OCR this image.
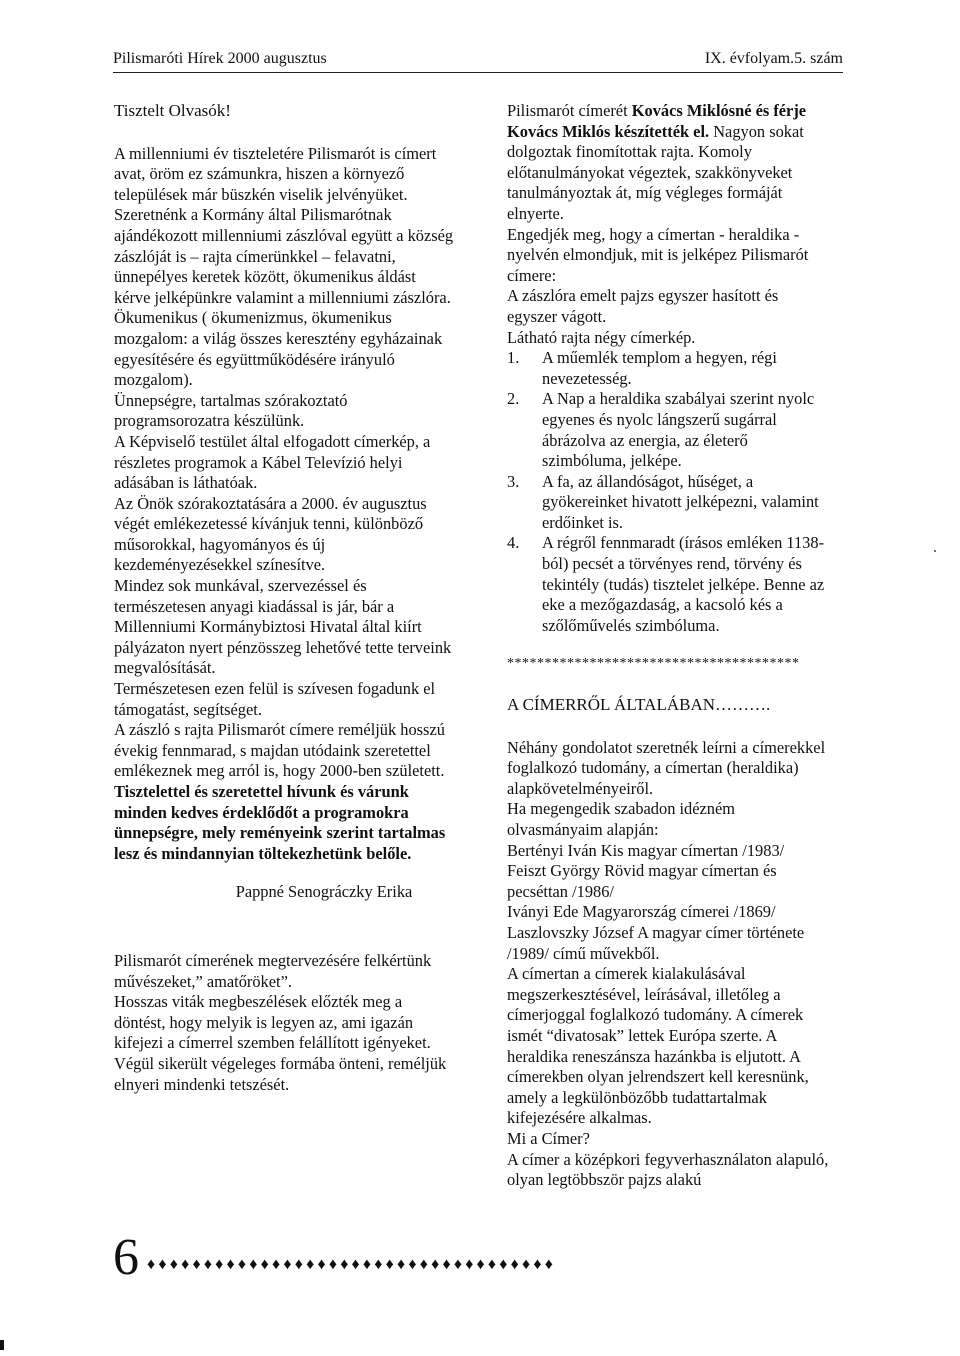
Pilismaróti Hírek 2000 augusztus	IX. évfolyam.5. szám

Tisztelt Olvasók!

A millenniumi év tiszteletére Pilismarót is címert avat, öröm ez számunkra, hiszen a környező települések már büszkén viselik jelvényüket.

Szeretnénk a Kormány által Pilismarótnak ajándékozott millenniumi zászlóval együtt a község zászlóját is – rajta címerünkkel – felavatni, ünnepélyes keretek között, ökumenikus áldást kérve jelképünkre valamint a millenniumi zászlóra.

Ökumenikus ( ökumenizmus, ökumenikus mozgalom: a világ összes keresztény egyházainak egyesítésére és együttműködésére irányuló mozgalom).

Ünnepségre, tartalmas szórakoztató programsorozatra készülünk.

A Képviselő testület által elfogadott címerkép, a részletes programok a Kábel Televízió helyi adásában is láthatóak.

Az Önök szórakoztatására a 2000. év augusztus végét emlékezetessé kívánjuk tenni, különböző műsorokkal, hagyományos és új kezdeményezésekkel színesítve.

Mindez sok munkával, szervezéssel és természetesen anyagi kiadással is jár, bár a Millenniumi Kormánybiztosi Hivatal által kiírt pályázaton nyert pénzösszeg lehetővé tette terveink megvalósítását.

Természetesen ezen felül is szívesen fogadunk el támogatást, segítséget.

A zászló s rajta Pilismarót címere reméljük hosszú évekig fennmarad, s majdan utódaink szeretettel emlékeznek meg arról is, hogy 2000-ben született.

Tisztelettel és szeretettel hívunk és várunk minden kedves érdeklődőt a programokra ünnepségre, mely reményeink szerint tartalmas lesz és mindannyian töltekezhetünk belőle.

Pappné Senográczky Erika

Pilismarót címerének megtervezésére felkértünk művészeket,” amatőröket”.

Hosszas viták megbeszélések előzték meg a döntést, hogy melyik is legyen az, ami igazán kifejezi a címerrel szemben felállított igényeket. Végül sikerült végeleges formába önteni, reméljük elnyeri mindenki tetszését.

Pilismarót címerét Kovács Miklósné és férje Kovács Miklós készítették el. Nagyon sokat dolgoztak finomítottak rajta. Komoly előtanulmányokat végeztek, szakkönyveket tanulmányoztak át, míg végleges formáját elnyerte.

Engedjék meg, hogy a címertan - heraldika - nyelvén elmondjuk, mit is jelképez Pilismarót címere:

A zászlóra emelt pajzs egyszer hasított és egyszer vágott.

Látható rajta négy címerkép.

1. A műemlék templom a hegyen, régi nevezetesség.
2. A Nap a heraldika szabályai szerint nyolc egyenes és nyolc lángszerű sugárral ábrázolva az energia, az életerő szimbóluma, jelképe.
3. A fa, az állandóságot, hűséget, a gyökereinket hivatott jelképezni, valamint erdőinket is.
4. A régről fennmaradt (írásos emléken 1138-ból) pecsét a törvényes rend, törvény és tekintély (tudás) tisztelet jelképe. Benne az eke a mezőgazdaság, a kacsoló kés a szőlőművelés szimbóluma.

***************************************

A CÍMERRŐL ÁLTALÁBAN……….

Néhány gondolatot szeretnék leírni a címerekkel foglalkozó tudomány, a címertan (heraldika) alapkövetelményeiről.

Ha megengedik szabadon idézném olvasmányaim alapján:

Bertényi Iván Kis magyar címertan /1983/

Feiszt György Rövid magyar címertan és pecséttan /1986/

Iványi Ede Magyarország címerei /1869/

Laszlovszky József A magyar címer története /1989/ című művekből.

A címertan a címerek kialakulásával megszerkesztésével, leírásával, illetőleg a címerjoggal foglalkozó tudomány. A címerek ismét “divatosak” lettek Európa szerte. A heraldika reneszánsza hazánkba is eljutott. A címerekben olyan jelrendszert kell keresnünk, amely a legkülönbözőbb tudattartalmak kifejezésére alkalmas.

Mi a Címer?

A címer a középkori fegyverhasználaton alapuló, olyan legtöbbször pajzs alakú

6 ♦♦♦♦♦♦♦♦♦♦♦♦♦♦♦♦♦♦♦♦♦♦♦♦♦♦♦♦♦♦♦♦♦♦♦♦
